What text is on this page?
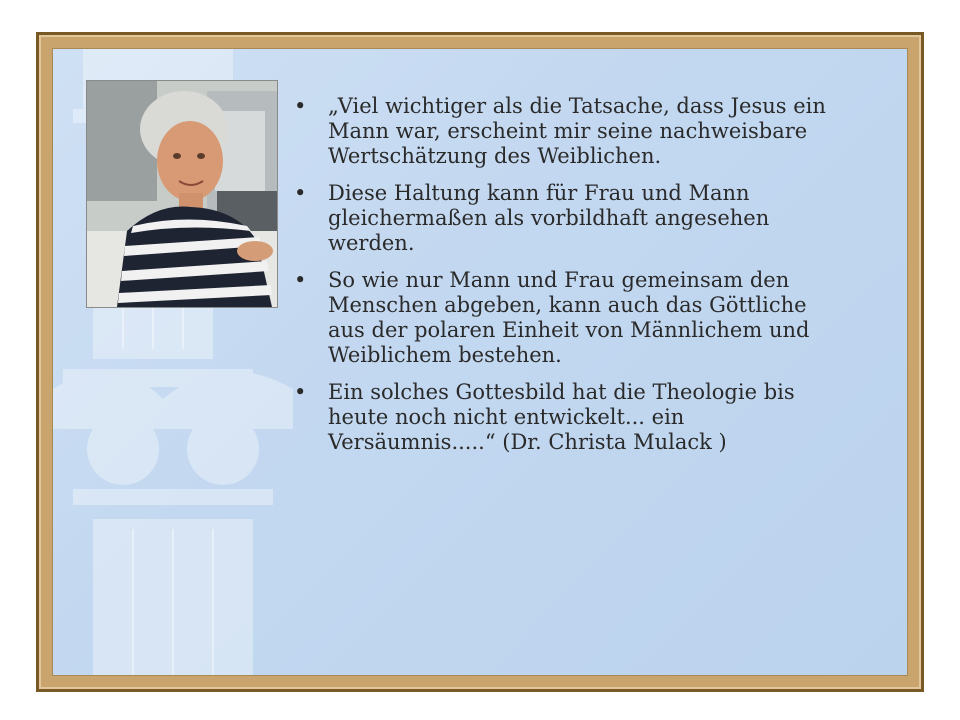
• „Viel wichtiger als die Tatsache, dass Jesus ein Mann war, erscheint mir seine nachweisbare Wertschätzung des Weiblichen.
• Diese Haltung kann für Frau und Mann gleichermaßen als vorbildhaft angesehen werden.
• So wie nur Mann und Frau gemeinsam den Menschen abgeben, kann auch das Göttliche aus der polaren Einheit von Männlichem und Weiblichem bestehen.
• Ein solches Gottesbild hat die Theologie bis heute noch nicht entwickelt... ein Versäumnis.....“ (Dr. Christa Mulack )
